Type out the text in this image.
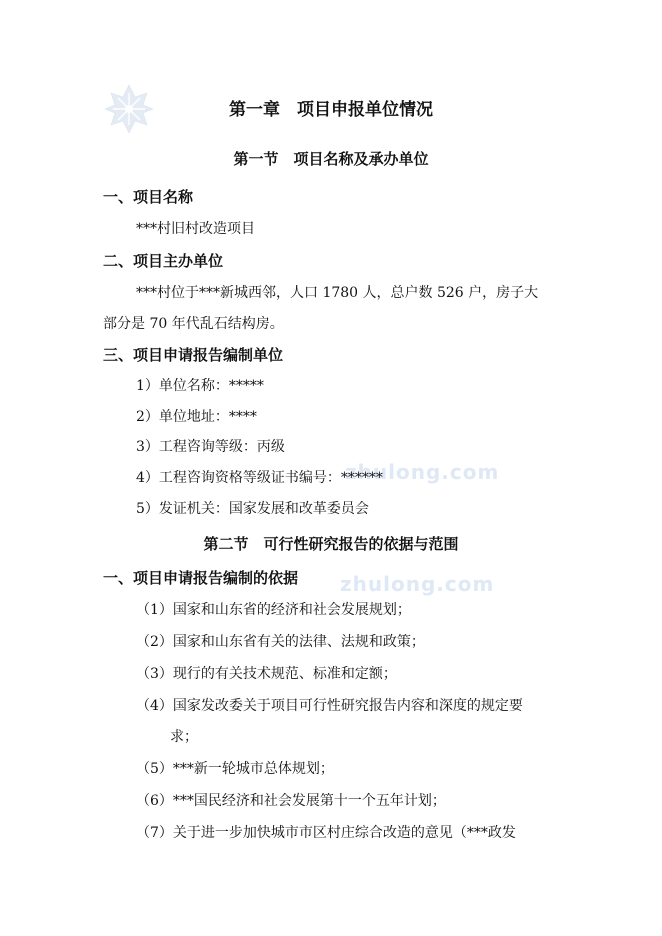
zhulong.com
zhulong.com
第一章　项目申报单位情况
第一节　项目名称及承办单位
一、项目名称
***村旧村改造项目
二、项目主办单位
***村位于***新城西邻，人口 1780 人，总户数 526 户，房子大
部分是 70 年代乱石结构房。
三、项目申请报告编制单位
1）单位名称：*****
2）单位地址：****
3）工程咨询等级：丙级
4）工程咨询资格等级证书编号：******
5）发证机关：国家发展和改革委员会
第二节　可行性研究报告的依据与范围
一、项目申请报告编制的依据
（1）国家和山东省的经济和社会发展规划；
（2）国家和山东省有关的法律、法规和政策；
（3）现行的有关技术规范、标准和定额；
（4）国家发改委关于项目可行性研究报告内容和深度的规定要
求；
（5）***新一轮城市总体规划；
（6）***国民经济和社会发展第十一个五年计划；
（7）关于进一步加快城市市区村庄综合改造的意见（***政发
